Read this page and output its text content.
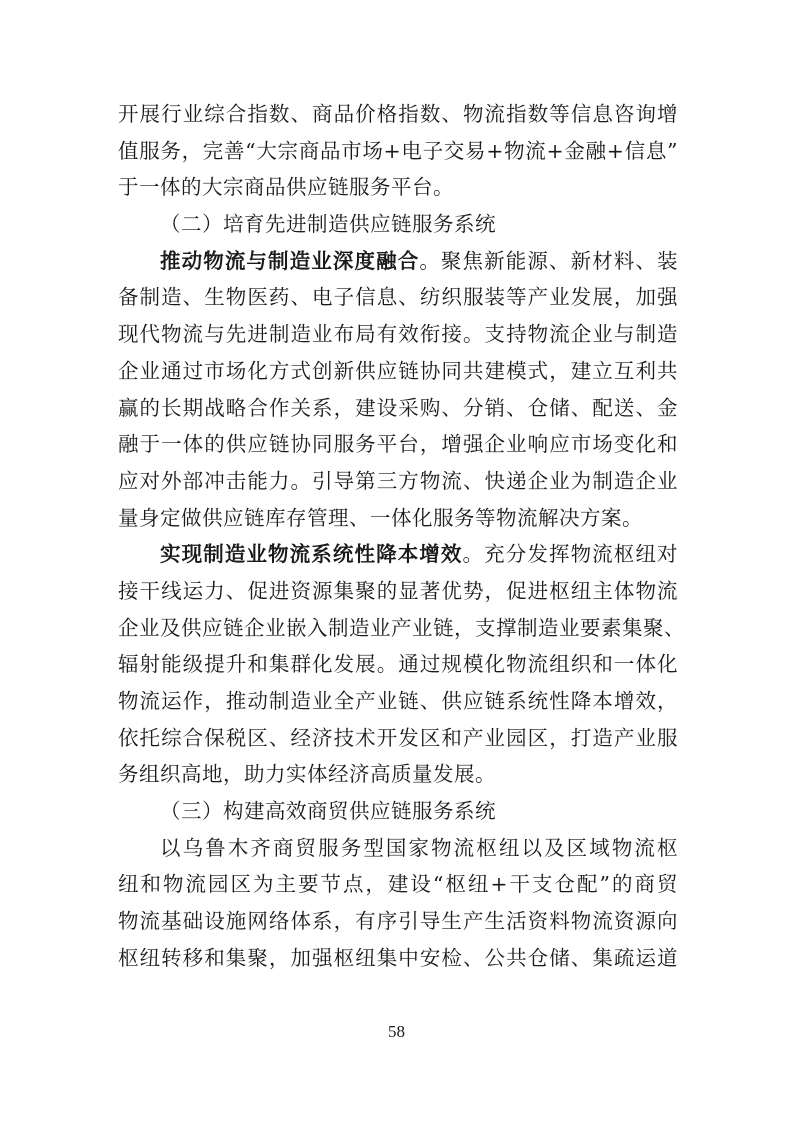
开展行业综合指数、商品价格指数、物流指数等信息咨询增
值服务，完善“大宗商品市场+电子交易+物流+金融+信息”
于一体的大宗商品供应链服务平台。
（二）培育先进制造供应链服务系统
推动物流与制造业深度融合。聚焦新能源、新材料、装
备制造、生物医药、电子信息、纺织服装等产业发展，加强
现代物流与先进制造业布局有效衔接。支持物流企业与制造
企业通过市场化方式创新供应链协同共建模式，建立互利共
赢的长期战略合作关系，建设采购、分销、仓储、配送、金
融于一体的供应链协同服务平台，增强企业响应市场变化和
应对外部冲击能力。引导第三方物流、快递企业为制造企业
量身定做供应链库存管理、一体化服务等物流解决方案。
实现制造业物流系统性降本增效。充分发挥物流枢纽对
接干线运力、促进资源集聚的显著优势，促进枢纽主体物流
企业及供应链企业嵌入制造业产业链，支撑制造业要素集聚、
辐射能级提升和集群化发展。通过规模化物流组织和一体化
物流运作，推动制造业全产业链、供应链系统性降本增效，
依托综合保税区、经济技术开发区和产业园区，打造产业服
务组织高地，助力实体经济高质量发展。
（三）构建高效商贸供应链服务系统
以乌鲁木齐商贸服务型国家物流枢纽以及区域物流枢
纽和物流园区为主要节点，建设“枢纽+干支仓配”的商贸
物流基础设施网络体系，有序引导生产生活资料物流资源向
枢纽转移和集聚，加强枢纽集中安检、公共仓储、集疏运道
58
